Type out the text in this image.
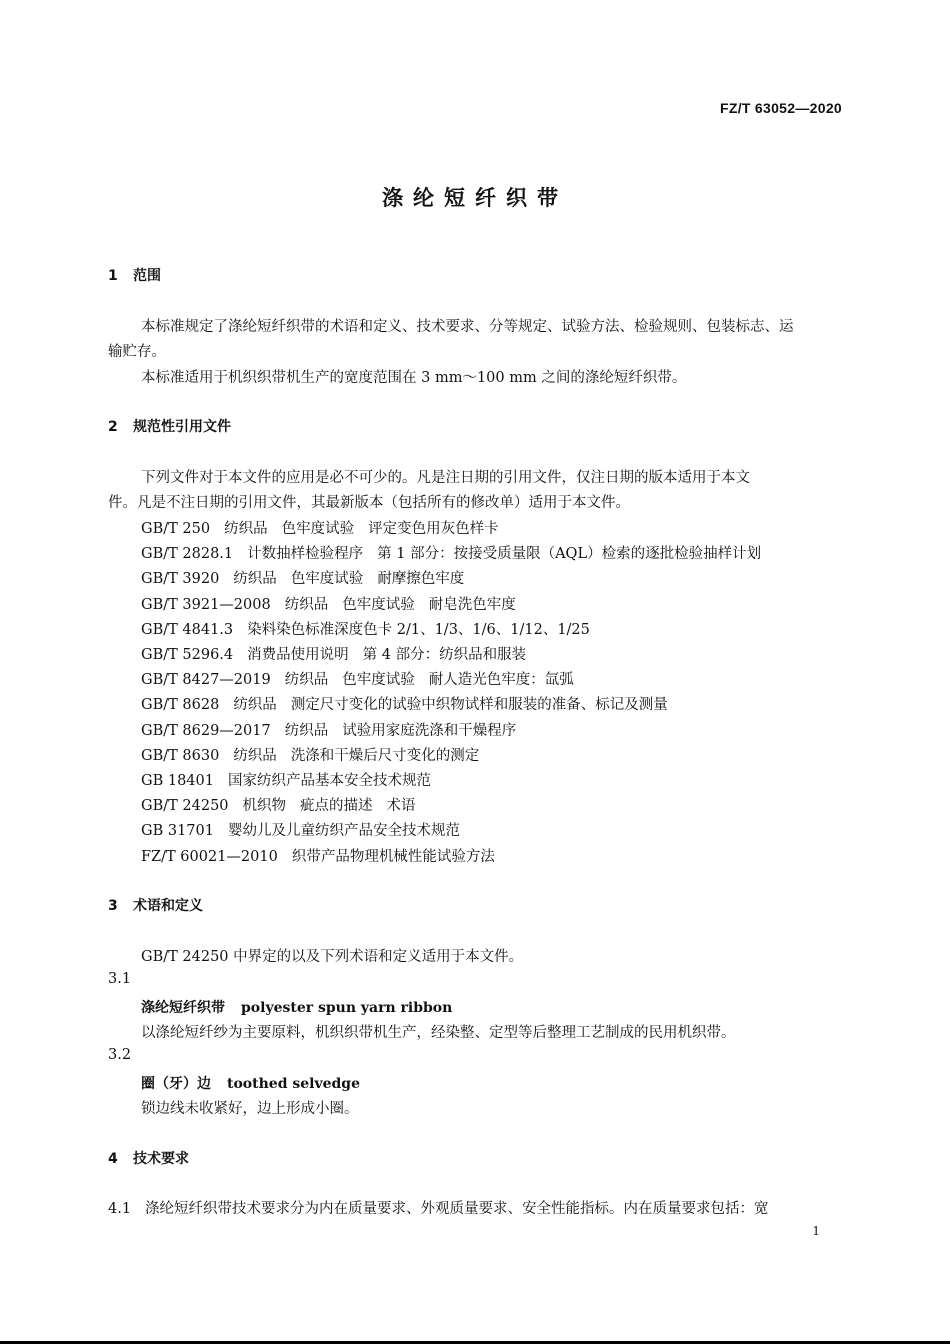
FZ/T 63052—2020
涤纶短纤织带
1 范围
本标准规定了涤纶短纤织带的术语和定义、技术要求、分等规定、试验方法、检验规则、包装标志、运
输贮存。
本标准适用于机织织带机生产的宽度范围在 3 mm～100 mm 之间的涤纶短纤织带。
2 规范性引用文件
下列文件对于本文件的应用是必不可少的。凡是注日期的引用文件，仅注日期的版本适用于本文
件。凡是不注日期的引用文件，其最新版本（包括所有的修改单）适用于本文件。
GB/T 250 纺织品 色牢度试验 评定变色用灰色样卡
GB/T 2828.1 计数抽样检验程序 第 1 部分：按接受质量限（AQL）检索的逐批检验抽样计划
GB/T 3920 纺织品 色牢度试验 耐摩擦色牢度
GB/T 3921—2008 纺织品 色牢度试验 耐皂洗色牢度
GB/T 4841.3 染料染色标准深度色卡 2/1、1/3、1/6、1/12、1/25
GB/T 5296.4 消费品使用说明 第 4 部分：纺织品和服装
GB/T 8427—2019 纺织品 色牢度试验 耐人造光色牢度：氙弧
GB/T 8628 纺织品 测定尺寸变化的试验中织物试样和服装的准备、标记及测量
GB/T 8629—2017 纺织品 试验用家庭洗涤和干燥程序
GB/T 8630 纺织品 洗涤和干燥后尺寸变化的测定
GB 18401 国家纺织产品基本安全技术规范
GB/T 24250 机织物 疵点的描述 术语
GB 31701 婴幼儿及儿童纺织产品安全技术规范
FZ/T 60021—2010 织带产品物理机械性能试验方法
3 术语和定义
GB/T 24250 中界定的以及下列术语和定义适用于本文件。
3.1
涤纶短纤织带 polyester spun yarn ribbon
以涤纶短纤纱为主要原料，机织织带机生产，经染整、定型等后整理工艺制成的民用机织带。
3.2
圈（牙）边 toothed selvedge
锁边线未收紧好，边上形成小圈。
4 技术要求
4.1 涤纶短纤织带技术要求分为内在质量要求、外观质量要求、安全性能指标。内在质量要求包括：宽
1
